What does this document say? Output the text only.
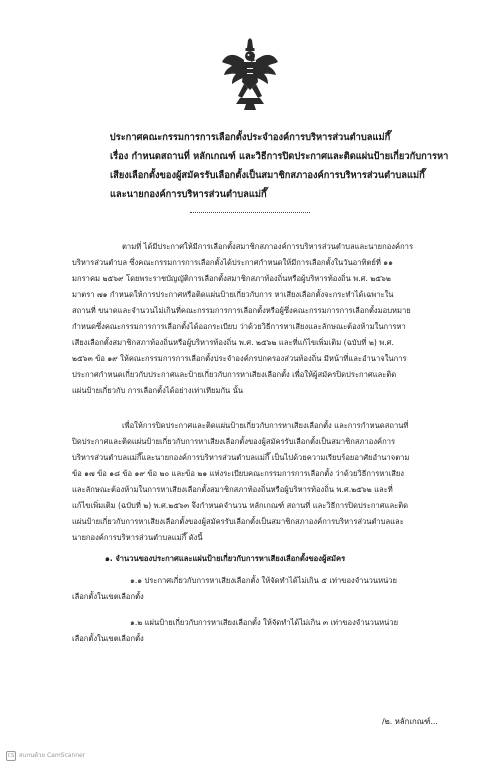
ประกาศคณะกรรมการการเลือกตั้งประจำองค์การบริหารส่วนตำบลแม่กึ๊
เรื่อง กำหนดสถานที่ หลักเกณฑ์ และวิธีการปิดประกาศและติดแผ่นป้ายเกี่ยวกับการหา
เสียงเลือกตั้งของผู้สมัครรับเลือกตั้งเป็นสมาชิกสภาองค์การบริหารส่วนตำบลแม่กึ๊
และนายกองค์การบริหารส่วนตำบลแม่กึ๊
ตามที่ ได้มีประกาศให้มีการเลือกตั้งสมาชิกสภาองค์การบริหารส่วนตำบลและนายกองค์การ
บริหารส่วนตำบล ซึ่งคณะกรรมการการเลือกตั้งได้ประกาศกำหนดให้มีการเลือกตั้งในวันอาทิตย์ที่ ๑๑
มกราคม ๒๕๖๙ โดยพระราชบัญญัติการเลือกตั้งสมาชิกสภาท้องถิ่นหรือผู้บริหารท้องถิ่น พ.ศ. ๒๕๖๒
มาตรา ๗๑ กำหนดให้การประกาศหรือติดแผ่นป้ายเกี่ยวกับการ หาเสียงเลือกตั้งจะกระทำได้เฉพาะใน
สถานที่ ขนาดและจำนวนไม่เกินที่คณะกรรมการการเลือกตั้งหรือผู้ซึ่งคณะกรรมการการเลือกตั้งมอบหมาย
กำหนดซึ่งคณะกรรมการการเลือกตั้งได้ออกระเบียบ ว่าด้วยวิธีการหาเสียงและลักษณะต้องห้ามในการหา
เสียงเลือกตั้งสมาชิกสภาท้องถิ่นหรือผู้บริหารท้องถิ่น พ.ศ. ๒๕๖๒ และที่แก้ไขเพิ่มเติม (ฉบับที่ ๒) พ.ศ.
๒๕๖๓ ข้อ ๑๙ ให้คณะกรรมการการเลือกตั้งประจำองค์กรปกครองส่วนท้องถิ่น มีหน้าที่และอำนาจในการ
ประกาศกำหนดเกี่ยวกับประกาศและป้ายเกี่ยวกับการหาเสียงเลือกตั้ง เพื่อให้ผู้สมัครปิดประกาศและติด
แผ่นป้ายเกี่ยวกับ การเลือกตั้งได้อย่างเท่าเทียมกัน นั้น
เพื่อให้การปิดประกาศและติดแผ่นป้ายเกี่ยวกับการหาเสียงเลือกตั้ง และการกำหนดสถานที่
ปิดประกาศและติดแผ่นป้ายเกี่ยวกับการหาเสียงเลือกตั้งของผู้สมัครรับเลือกตั้งเป็นสมาชิกสภาองค์การ
บริหารส่วนตำบลแม่กึ๊และนายกองค์การบริหารส่วนตำบลแม่กึ๊ เป็นไปด้วยความเรียบร้อยอาศัยอำนาจตาม
ข้อ ๑๗ ข้อ ๑๘ ข้อ ๑๙ ข้อ ๒๐ และข้อ ๒๑ แห่งระเบียบคณะกรรมการการเลือกตั้ง ว่าด้วยวิธีการหาเสียง
และลักษณะต้องห้ามในการหาเสียงเลือกตั้งสมาชิกสภาท้องถิ่นหรือผู้บริหารท้องถิ่น พ.ศ.๒๕๖๒ และที่
แก้ไขเพิ่มเติม (ฉบับที่ ๒) พ.ศ.๒๕๖๓ จึงกำหนดจำนวน หลักเกณฑ์ สถานที่ และวิธีการปิดประกาศและติด
แผ่นป้ายเกี่ยวกับการหาเสียงเลือกตั้งของผู้สมัครรับเลือกตั้งเป็นสมาชิกสภาองค์การบริหารส่วนตำบลและ
นายกองค์การบริหารส่วนตำบลแม่กึ๊ ดังนี้
๑. จำนวนของประกาศและแผ่นป้ายเกี่ยวกับการหาเสียงเลือกตั้งของผู้สมัคร
๑.๑ ประกาศเกี่ยวกับการหาเสียงเลือกตั้ง ให้จัดทำได้ไม่เกิน ๕ เท่าของจำนวนหน่วย
เลือกตั้งในเขตเลือกตั้ง
๑.๒ แผ่นป้ายเกี่ยวกับการหาเสียงเลือกตั้ง ให้จัดทำได้ไม่เกิน ๓ เท่าของจำนวนหน่วย
เลือกตั้งในเขตเลือกตั้ง
/๒. หลักเกณฑ์...
CS สแกนด้วย CamScanner
